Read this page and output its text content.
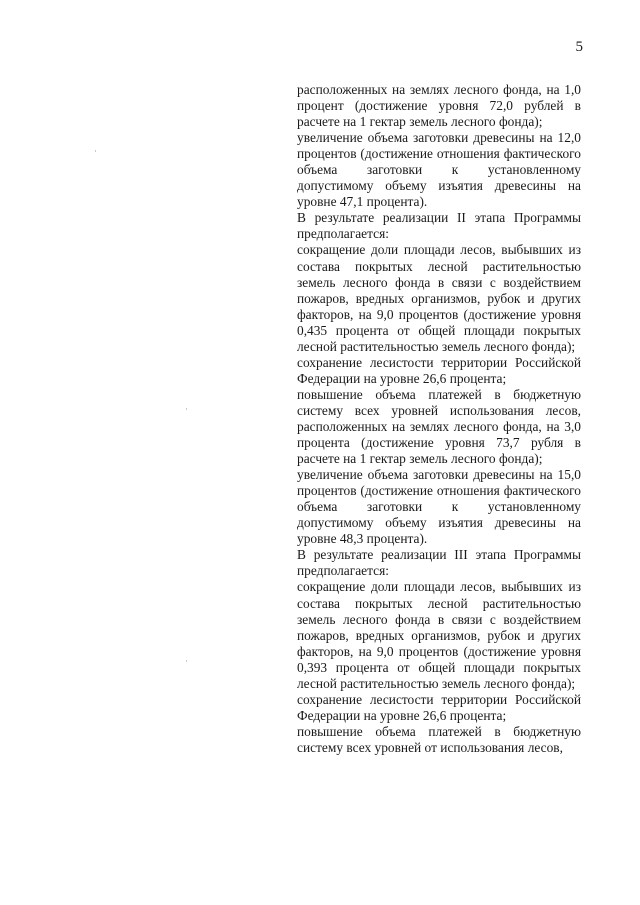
5

расположенных на землях лесного фонда, на 1,0 процент (достижение уровня 72,0 рублей в расчете на 1 гектар земель лесного фонда);

увеличение объема заготовки древесины на 12,0 процентов (достижение отношения фактического объема заготовки к установленному допустимому объему изъятия древесины на уровне 47,1 процента).

В результате реализации II этапа Программы предполагается:

сокращение доли площади лесов, выбывших из состава покрытых лесной растительностью земель лесного фонда в связи с воздействием пожаров, вредных организмов, рубок и других факторов, на 9,0 процентов (достижение уровня 0,435 процента от общей площади покрытых лесной растительностью земель лесного фонда);

сохранение лесистости территории Российской Федерации на уровне 26,6 процента;

повышение объема платежей в бюджетную систему всех уровней использования лесов, расположенных на землях лесного фонда, на 3,0 процента (достижение уровня 73,7 рубля в расчете на 1 гектар земель лесного фонда);

увеличение объема заготовки древесины на 15,0 процентов (достижение отношения фактического объема заготовки к установленному допустимому объему изъятия древесины на уровне 48,3 процента).

В результате реализации III этапа Программы предполагается:

сокращение доли площади лесов, выбывших из состава покрытых лесной растительностью земель лесного фонда в связи с воздействием пожаров, вредных организмов, рубок и других факторов, на 9,0 процентов (достижение уровня 0,393 процента от общей площади покрытых лесной растительностью земель лесного фонда);

сохранение лесистости территории Российской Федерации на уровне 26,6 процента;

повышение объема платежей в бюджетную систему всех уровней от использования лесов,
